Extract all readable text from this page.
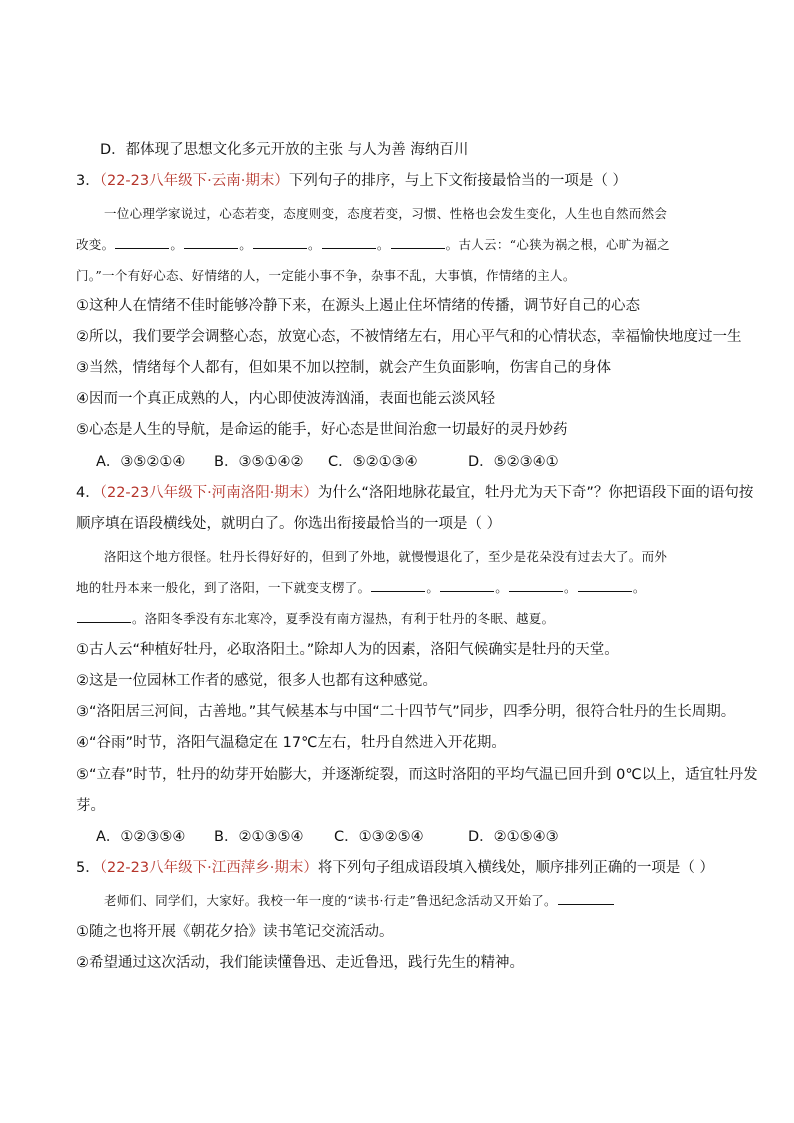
D．都体现了思想文化多元开放的主张 与人为善 海纳百川
3．（22-23八年级下·云南·期末）下列句子的排序，与上下文衔接最恰当的一项是（ ）
一位心理学家说过，心态若变，态度则变，态度若变，习惯、性格也会发生变化，人生也自然而然会
改变。	。	。	。	。	。古人云：“心狭为祸之根，心旷为福之
门。”一个有好心态、好情绪的人，一定能小事不争，杂事不乱，大事慎，作情绪的主人。
①这种人在情绪不佳时能够冷静下来，在源头上遏止住坏情绪的传播，调节好自己的心态
②所以，我们要学会调整心态，放宽心态，不被情绪左右，用心平气和的心情状态，幸福愉快地度过一生
③当然，情绪每个人都有，但如果不加以控制，就会产生负面影响，伤害自己的身体
④因而一个真正成熟的人，内心即使波涛汹涌，表面也能云淡风轻
⑤心态是人生的导航，是命运的能手，好心态是世间治愈一切最好的灵丹妙药
A．③⑤②①④ B．③⑤①④② C．⑤②①③④	D．⑤②③④①
4．（22-23八年级下·河南洛阳·期末）为什么“洛阳地脉花最宜，牡丹尤为天下奇”？你把语段下面的语句按
顺序填在语段横线处，就明白了。你选出衔接最恰当的一项是（ ）
洛阳这个地方很怪。牡丹长得好好的，但到了外地，就慢慢退化了，至少是花朵没有过去大了。而外
地的牡丹本来一般化，到了洛阳，一下就变支楞了。	。	。	。	。
。洛阳冬季没有东北寒冷，夏季没有南方湿热，有利于牡丹的冬眠、越夏。
①古人云“种植好牡丹，必取洛阳土。”除却人为的因素，洛阳气候确实是牡丹的天堂。
②这是一位园林工作者的感觉，很多人也都有这种感觉。
③“洛阳居三河间，古善地。”其气候基本与中国“二十四节气”同步，四季分明，很符合牡丹的生长周期。
④“谷雨”时节，洛阳气温稳定在 17℃左右，牡丹自然进入开花期。
⑤“立春”时节，牡丹的幼芽开始膨大，并逐渐绽裂，而这时洛阳的平均气温已回升到 0℃以上，适宜牡丹发
芽。
A．①②③⑤④ B．②①③⑤④ C．①③②⑤④	D．②①⑤④③
5．（22-23八年级下·江西萍乡·期末）将下列句子组成语段填入横线处，顺序排列正确的一项是（ ）
老师们、同学们，大家好。我校一年一度的“读书·行走”鲁迅纪念活动又开始了。
①随之也将开展《朝花夕拾》读书笔记交流活动。
②希望通过这次活动，我们能读懂鲁迅、走近鲁迅，践行先生的精神。
